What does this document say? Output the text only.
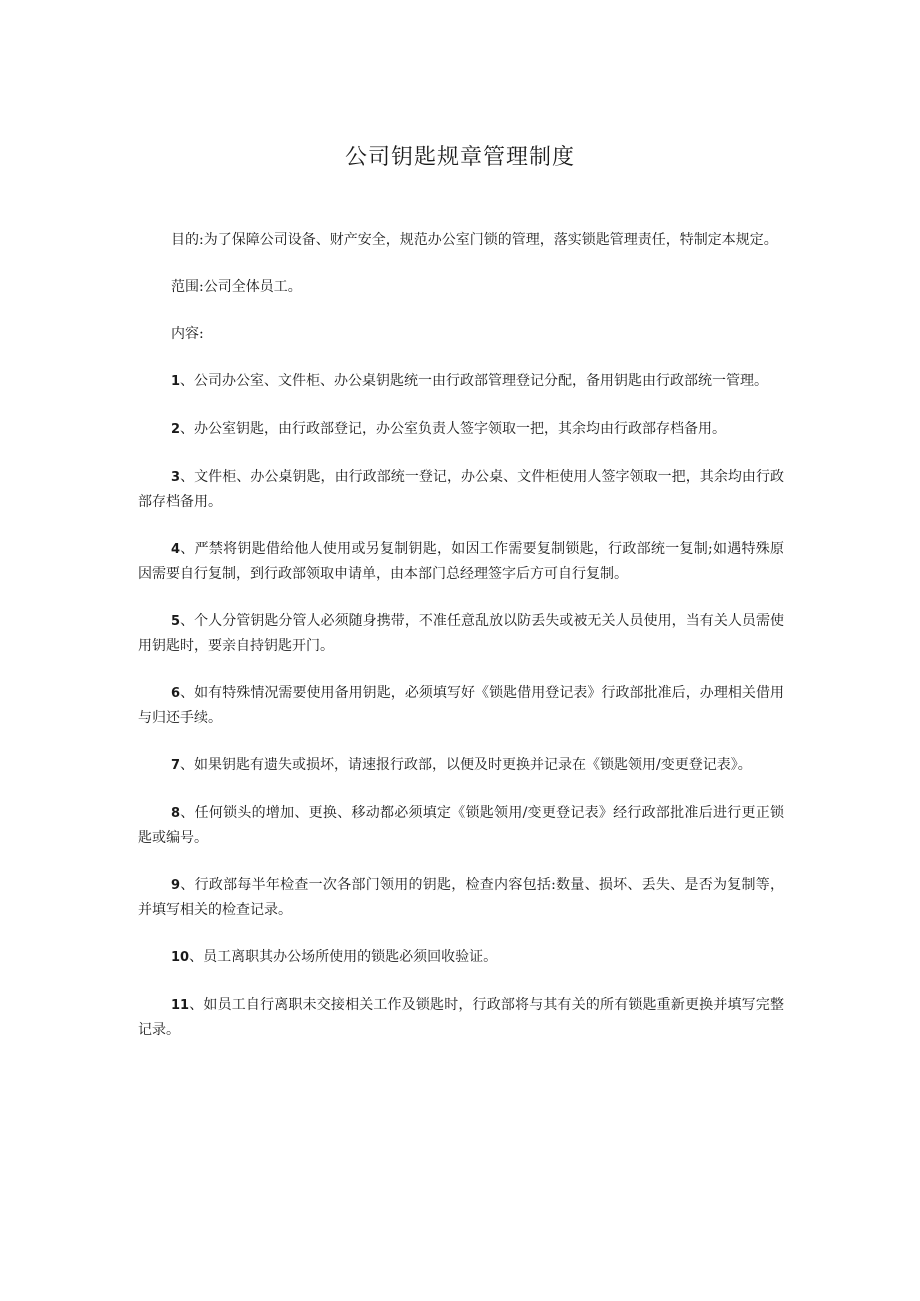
公司钥匙规章管理制度

目的:为了保障公司设备、财产安全，规范办公室门锁的管理，落实锁匙管理责任，特制定本规定。

范围:公司全体员工。

内容:

1、公司办公室、文件柜、办公桌钥匙统一由行政部管理登记分配，备用钥匙由行政部统一管理。

2、办公室钥匙，由行政部登记，办公室负责人签字领取一把，其余均由行政部存档备用。

3、文件柜、办公桌钥匙，由行政部统一登记，办公桌、文件柜使用人签字领取一把，其余均由行政部存档备用。

4、严禁将钥匙借给他人使用或另复制钥匙，如因工作需要复制锁匙，行政部统一复制;如遇特殊原因需要自行复制，到行政部领取申请单，由本部门总经理签字后方可自行复制。

5、个人分管钥匙分管人必须随身携带，不准任意乱放以防丢失或被无关人员使用，当有关人员需使用钥匙时，要亲自持钥匙开门。

6、如有特殊情况需要使用备用钥匙，必须填写好《锁匙借用登记表》行政部批准后，办理相关借用与归还手续。

7、如果钥匙有遗失或损坏，请速报行政部，以便及时更换并记录在《锁匙领用/变更登记表》。

8、任何锁头的增加、更换、移动都必须填定《锁匙领用/变更登记表》经行政部批准后进行更正锁匙或编号。

9、行政部每半年检查一次各部门领用的钥匙，检查内容包括:数量、损坏、丢失、是否为复制等，并填写相关的检查记录。

10、员工离职其办公场所使用的锁匙必须回收验证。

11、如员工自行离职未交接相关工作及锁匙时，行政部将与其有关的所有锁匙重新更换并填写完整记录。
